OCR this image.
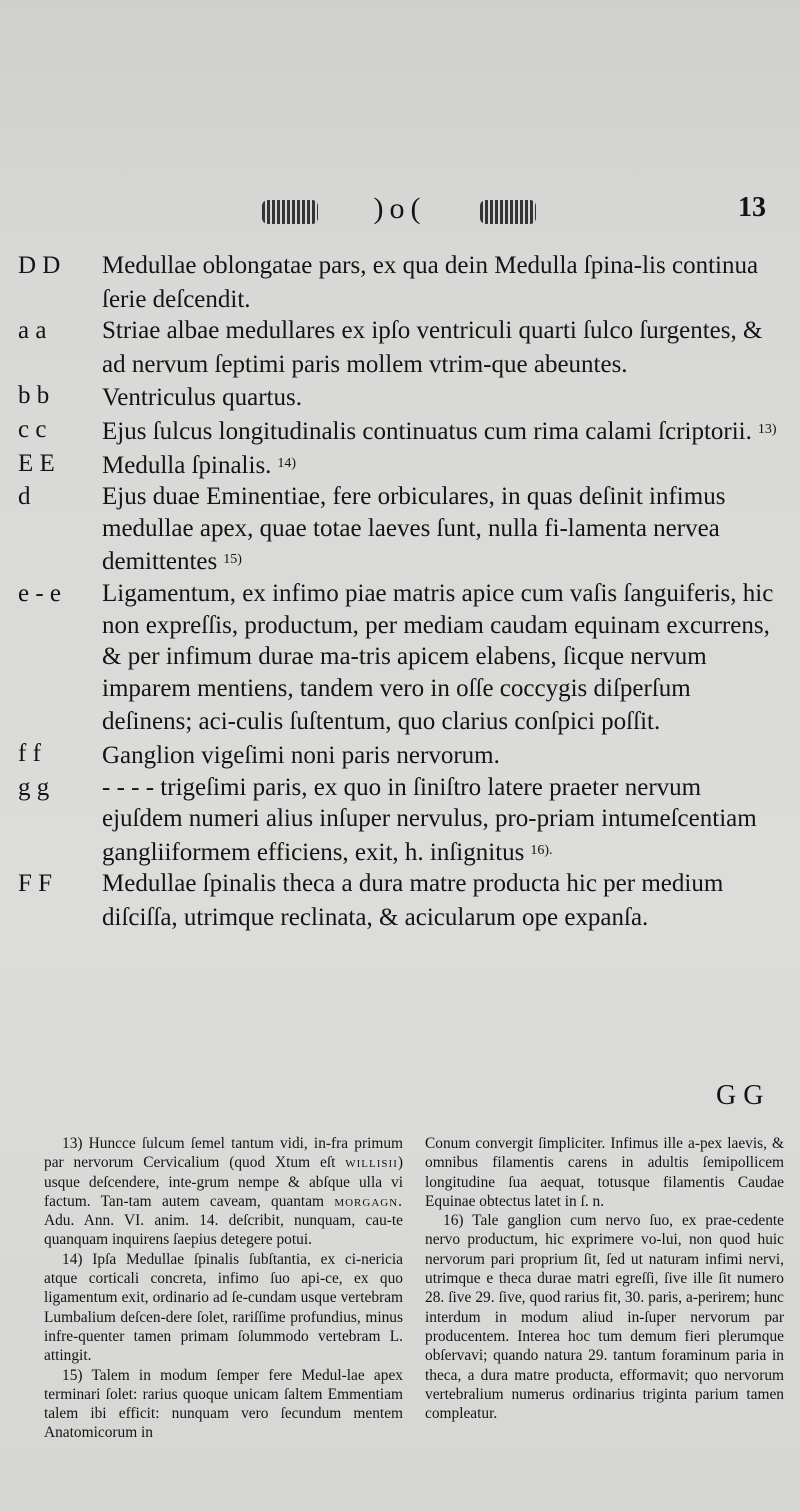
)o(	13
D D	Medullae oblongatae pars, ex qua dein Medulla ſpina-lis continua ſerie deſcendit.
a a	Striae albae medullares ex ipſo ventriculi quarti ſulco ſurgentes, & ad nervum ſeptimi paris mollem vtrim-que abeuntes.
b b	Ventriculus quartus.
c c	Ejus ſulcus longitudinalis continuatus cum rima calami ſcriptorii. $^{13)}$
E E	Medulla ſpinalis. $^{14)}$
d	Ejus duae Eminentiae, fere orbiculares, in quas deſinit infimus medullae apex, quae totae laeves ſunt, nulla fi-lamenta nervea demittentes $^{15)}$
e - e	Ligamentum, ex infimo piae matris apice cum vaſis ſanguiferis, hic non expreſſis, productum, per mediam caudam equinam excurrens, & per infimum durae ma-tris apicem elabens, ſicque nervum imparem mentiens, tandem vero in oſſe coccygis diſperſum deſinens; aci-culis ſuſtentum, quo clarius conſpici poſſit.
f f	Ganglion vigeſimi noni paris nervorum.
g g	- - - - trigeſimi paris, ex quo in ſiniſtro latere praeter nervum ejuſdem numeri alius inſuper nervulus, pro-priam intumeſcentiam gangliiformem efficiens, exit, h. inſignitus $^{16).}$
F F	Medullae ſpinalis theca a dura matre producta hic per medium diſciſſa, utrimque reclinata, & acicularum ope expanſa.
G G

13) Huncce ſulcum ſemel tantum vidi, in-fra primum par nervorum Cervicalium (quod Xtum eſt willisii) usque deſcendere, inte-grum nempe & abſque ulla vi factum. Tan-tam autem caveam, quantam morgagn. Adu. Ann. VI. anim. 14. deſcribit, nunquam, cau-te quanquam inquirens ſaepius detegere potui.

14) Ipſa Medullae ſpinalis ſubſtantia, ex ci-nericia atque corticali concreta, infimo ſuo api-ce, ex quo ligamentum exit, ordinario ad ſe-cundam usque vertebram Lumbalium deſcen-dere ſolet, rariſſime profundius, minus infre-quenter tamen primam ſolummodo vertebram L. attingit.

15) Talem in modum ſemper fere Medul-lae apex terminari ſolet: rarius quoque unicam ſaltem Emmentiam talem ibi efficit: nunquam vero ſecundum mentem Anatomicorum in

Conum convergit ſimpliciter. Infimus ille a-pex laevis, & omnibus filamentis carens in adultis ſemipollicem longitudine ſua aequat, totusque filamentis Caudae Equinae obtectus latet in ſ. n.

16) Tale ganglion cum nervo ſuo, ex prae-cedente nervo productum, hic exprimere vo-lui, non quod huic nervorum pari proprium ſit, ſed ut naturam infimi nervi, utrimque e theca durae matri egreſſi, ſive ille ſit numero 28. ſive 29. ſive, quod rarius fit, 30. paris, a-perirem; hunc interdum in modum aliud in-ſuper nervorum par producentem. Interea hoc tum demum fieri plerumque obſervavi; quando natura 29. tantum foraminum paria in theca, a dura matre producta, efformavit; quo nervorum vertebralium numerus ordinarius triginta parium tamen compleatur.
